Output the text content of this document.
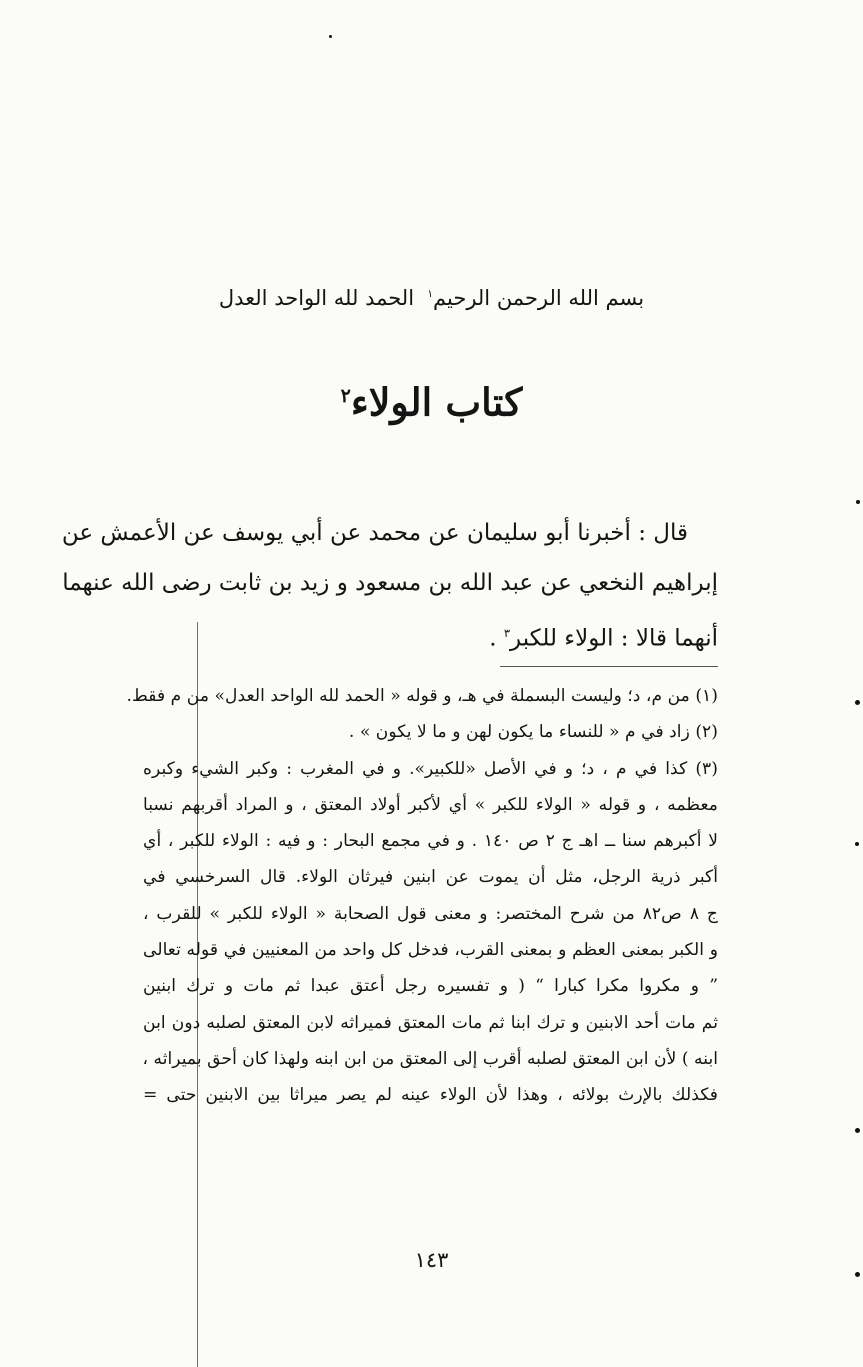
بسم الله الرحمن الرحيم$^١$  الحمد لله الواحد العدل
كتاب الولاء$^٢$
قال : أخبرنا أبو سليمان عن محمد عن أبي يوسف عن الأعمش عن
إبراهيم النخعي عن عبد الله بن مسعود و زيد بن ثابت رضى الله عنهما
أنهما قالا : الولاء للكبر$^٣$ .
(١) من م، د؛ وليست البسملة في هـ، و قوله « الحمد لله الواحد العدل» من م فقط.
(٢) زاد في م « للنساء ما يكون لهن و ما لا يكون » .
(٣) كذا في م ، د؛ و في الأصل «للكبير». و في المغرب : وكبر الشيء وكبره
معظمه ، و قوله « الولاء للكبر » أي لأكبر أولاد المعتق ، و المراد أقربهم نسبا
لا أكبرهم سنا ــ اهـ ج ٢ ص ١٤٠ . و في مجمع البحار : و فيه : الولاء للكبر ، أي
أكبر ذرية الرجل، مثل أن يموت عن ابنين فيرثان الولاء. قال السرخسي في
ج ٨ ص٨٢ من شرح المختصر: و معنى قول الصحابة « الولاء للكبر » للقرب ،
و الكبر بمعنى العظم و بمعنى القرب، فدخل كل واحد من المعنيين في قوله تعالى
” و مكروا مكرا كبارا “ ( و تفسيره رجل أعتق عبدا ثم مات و ترك ابنين
ثم مات أحد الابنين و ترك ابنا ثم مات المعتق فميراثه لابن المعتق لصلبه دون ابن
ابنه ) لأن ابن المعتق لصلبه أقرب إلى المعتق من ابن ابنه ولهذا كان أحق بميراثه ،
فكذلك بالإرث بولائه ، وهذا لأن الولاء عينه لم يصر ميراثا بين الابنين حتى =
١٤٣
